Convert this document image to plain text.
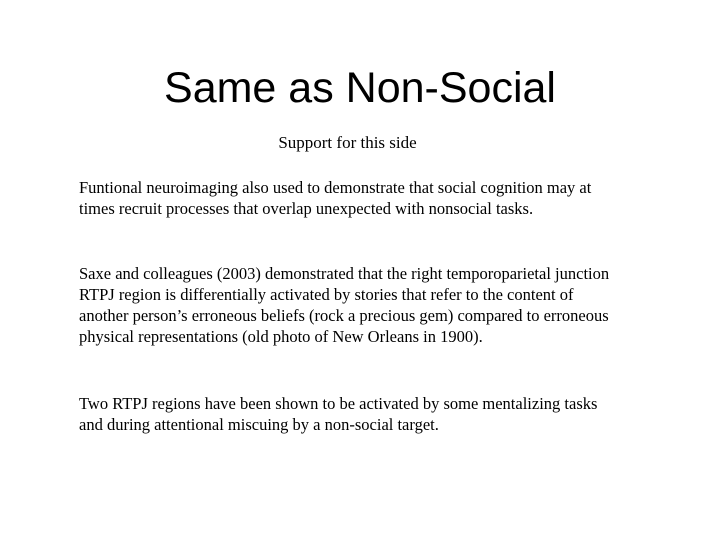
Same as Non-Social

Support for this side

Funtional neuroimaging also used to demonstrate that social cognition may at times recruit processes that overlap unexpected with nonsocial tasks.

Saxe and colleagues (2003) demonstrated that the right temporoparietal junction RTPJ region is differentially activated by stories that refer to the content of another person’s erroneous beliefs (rock a precious gem) compared to erroneous physical representations (old photo of New Orleans in 1900).

Two RTPJ regions have been shown to be activated by some mentalizing tasks and during attentional miscuing by a non-social target.
